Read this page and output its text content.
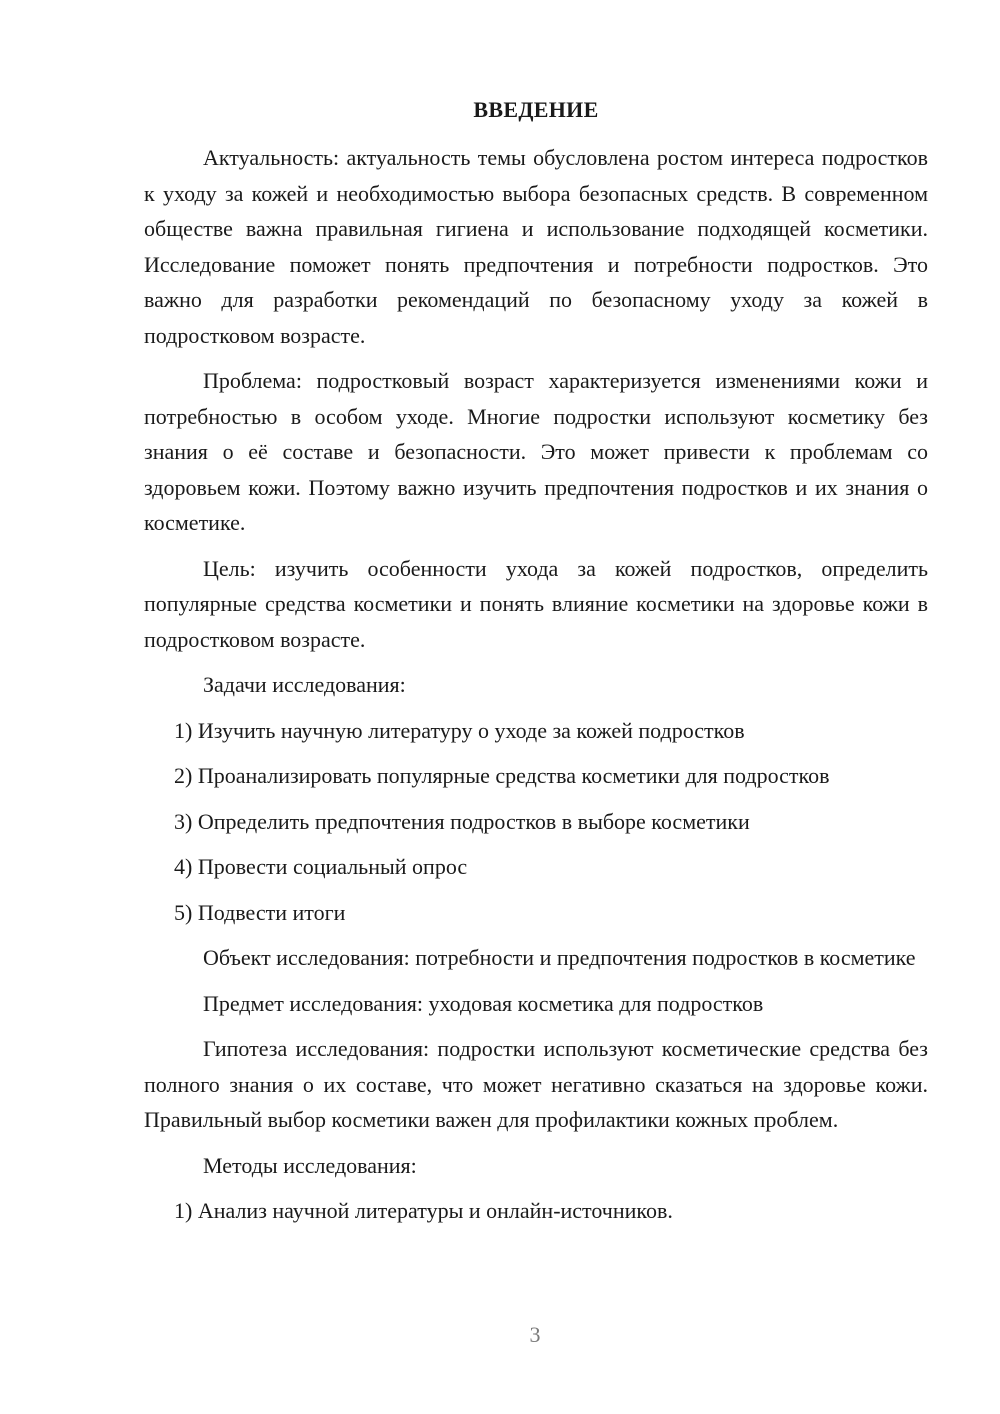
ВВЕДЕНИЕ

Актуальность: актуальность темы обусловлена ростом интереса подростков к уходу за кожей и необходимостью выбора безопасных средств. В современном обществе важна правильная гигиена и использование подходящей косметики. Исследование поможет понять предпочтения и потребности подростков. Это важно для разработки рекомендаций по безопасному уходу за кожей в подростковом возрасте.

Проблема: подростковый возраст характеризуется изменениями кожи и потребностью в особом уходе. Многие подростки используют косметику без знания о её составе и безопасности. Это может привести к проблемам со здоровьем кожи. Поэтому важно изучить предпочтения подростков и их знания о косметике.

Цель: изучить особенности ухода за кожей подростков, определить популярные средства косметики и понять влияние косметики на здоровье кожи в подростковом возрасте.

Задачи исследования:

1) Изучить научную литературу о уходе за кожей подростков
2) Проанализировать популярные средства косметики для подростков
3) Определить предпочтения подростков в выборе косметики
4) Провести социальный опрос
5) Подвести итоги

Объект исследования: потребности и предпочтения подростков в косметике

Предмет исследования: уходовая косметика для подростков

Гипотеза исследования: подростки используют косметические средства без полного знания о их составе, что может негативно сказаться на здоровье кожи. Правильный выбор косметики важен для профилактики кожных проблем.

Методы исследования:

1) Анализ научной литературы и онлайн-источников.
3
